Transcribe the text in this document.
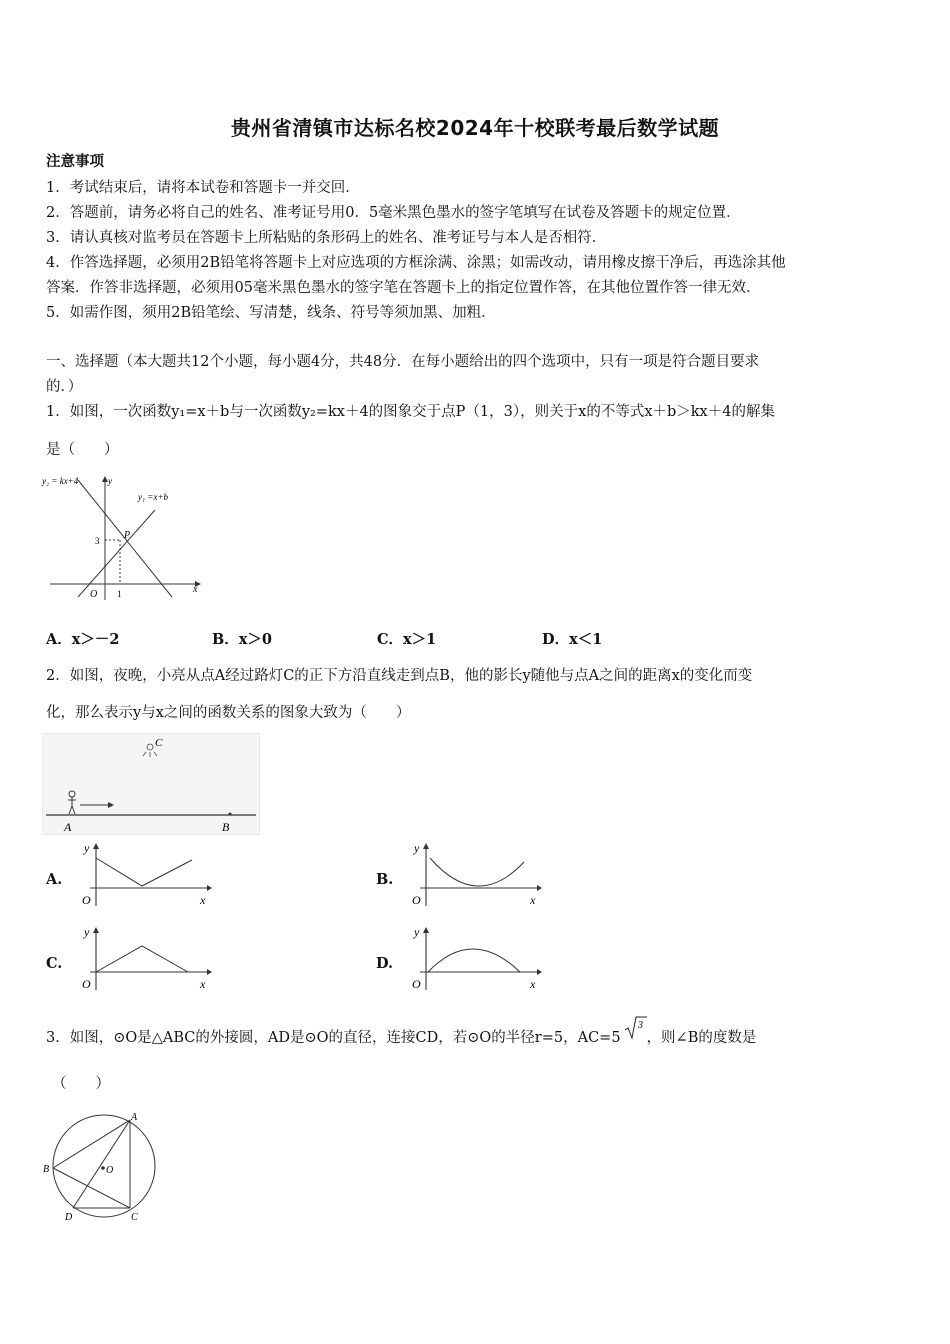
贵州省清镇市达标名校2024年十校联考最后数学试题
注意事项
1．考试结束后，请将本试卷和答题卡一并交回．
2．答题前，请务必将自己的姓名、准考证号用0．5毫米黑色墨水的签字笔填写在试卷及答题卡的规定位置．
3．请认真核对监考员在答题卡上所粘贴的条形码上的姓名、准考证号与本人是否相符．
4．作答选择题，必须用2B铅笔将答题卡上对应选项的方框涂满、涂黑；如需改动，请用橡皮擦干净后，再选涂其他
答案．作答非选择题，必须用05毫米黑色墨水的签字笔在答题卡上的指定位置作答，在其他位置作答一律无效．
5．如需作图，须用2B铅笔绘、写清楚，线条、符号等须加黑、加粗．
一、选择题（本大题共12个小题，每小题4分，共48分．在每小题给出的四个选项中，只有一项是符合题目要求
的．）
1．如图，一次函数y₁=x＋b与一次函数y₂=kx＋4的图象交于点P（1，3），则关于x的不等式x＋b＞kx＋4的解集
是（　　）
y₂ = kx+4	y
y₁ =x+b
P
3
O 1	x
A．x＞－2	B．x＞0	C．x＞1	D．x＜1
2．如图，夜晚，小亮从点A经过路灯C的正下方沿直线走到点B，他的影长y随他与点A之间的距离x的变化而变
化，那么表示y与x之间的函数关系的图象大致为（　　）
C
A	B
A.
y
O	x
B.
y
O	x
C.
y
O	x
D.
y
O	x
3．如图，⊙O是△ABC的外接圆，AD是⊙O的直径，连接CD，若⊙O的半径r=5，AC=5
3
，则∠B的度数是
（　　）
A
B	O
D	C
